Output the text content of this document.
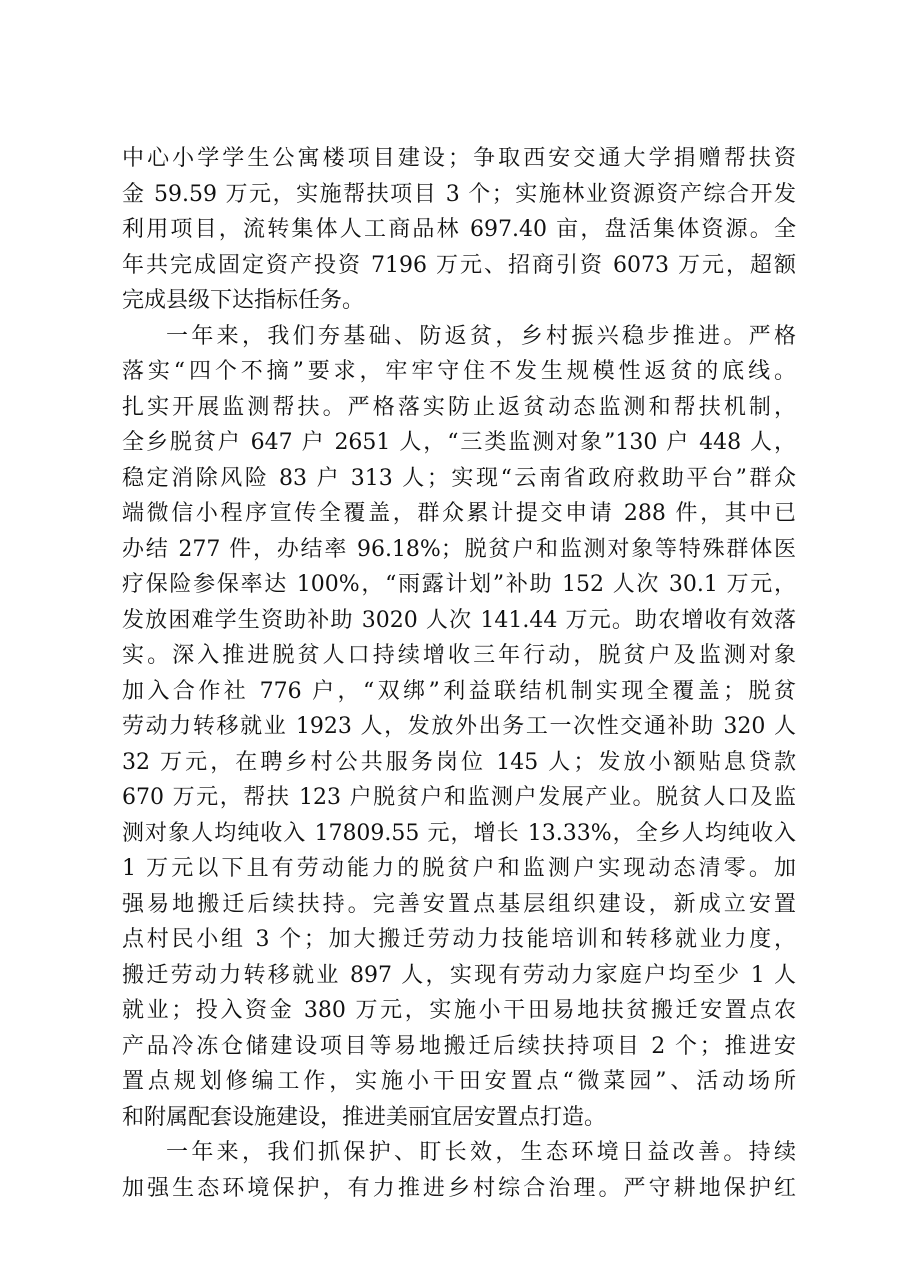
中心小学学生公寓楼项目建设；争取西安交通大学捐赠帮扶资
金 59.59 万元，实施帮扶项目 3 个；实施林业资源资产综合开发
利用项目，流转集体人工商品林 697.40 亩，盘活集体资源。全
年共完成固定资产投资 7196 万元、招商引资 6073 万元，超额
完成县级下达指标任务。
一年来，我们夯基础、防返贫，乡村振兴稳步推进。严格
落实“四个不摘”要求，牢牢守住不发生规模性返贫的底线。
扎实开展监测帮扶。严格落实防止返贫动态监测和帮扶机制，
全乡脱贫户 647 户 2651 人，“三类监测对象”130 户 448 人，
稳定消除风险 83 户 313 人；实现“云南省政府救助平台”群众
端微信小程序宣传全覆盖，群众累计提交申请 288 件，其中已
办结 277 件，办结率 96.18%；脱贫户和监测对象等特殊群体医
疗保险参保率达 100%，“雨露计划”补助 152 人次 30.1 万元，
发放困难学生资助补助 3020 人次 141.44 万元。助农增收有效落
实。深入推进脱贫人口持续增收三年行动，脱贫户及监测对象
加入合作社 776 户，“双绑”利益联结机制实现全覆盖；脱贫
劳动力转移就业 1923 人，发放外出务工一次性交通补助 320 人
32 万元，在聘乡村公共服务岗位 145 人；发放小额贴息贷款
670 万元，帮扶 123 户脱贫户和监测户发展产业。脱贫人口及监
测对象人均纯收入 17809.55 元，增长 13.33%，全乡人均纯收入
1 万元以下且有劳动能力的脱贫户和监测户实现动态清零。加
强易地搬迁后续扶持。完善安置点基层组织建设，新成立安置
点村民小组 3 个；加大搬迁劳动力技能培训和转移就业力度，
搬迁劳动力转移就业 897 人，实现有劳动力家庭户均至少 1 人
就业；投入资金 380 万元，实施小干田易地扶贫搬迁安置点农
产品冷冻仓储建设项目等易地搬迁后续扶持项目 2 个；推进安
置点规划修编工作，实施小干田安置点“微菜园”、活动场所
和附属配套设施建设，推进美丽宜居安置点打造。
一年来，我们抓保护、盯长效，生态环境日益改善。持续
加强生态环境保护，有力推进乡村综合治理。严守耕地保护红
